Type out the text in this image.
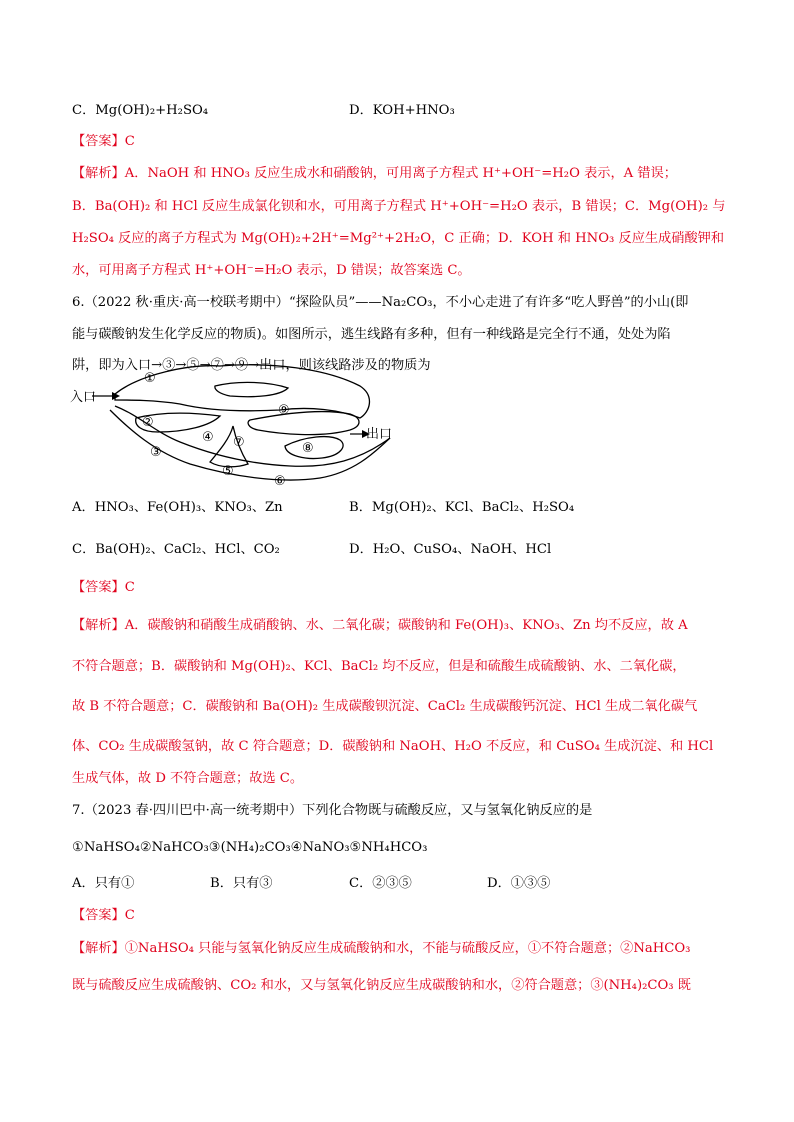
C．Mg(OH)₂+H₂SO₄	D．KOH+HNO₃
【答案】C
【解析】A．NaOH 和 HNO₃ 反应生成水和硝酸钠，可用离子方程式 H⁺+OH⁻=H₂O 表示，A 错误；
B．Ba(OH)₂ 和 HCl 反应生成氯化钡和水，可用离子方程式 H⁺+OH⁻=H₂O 表示，B 错误；C．Mg(OH)₂ 与
H₂SO₄ 反应的离子方程式为 Mg(OH)₂+2H⁺=Mg²⁺+2H₂O，C 正确；D．KOH 和 HNO₃ 反应生成硝酸钾和
水，可用离子方程式 H⁺+OH⁻=H₂O 表示，D 错误；故答案选 C。
6.（2022 秋·重庆·高一校联考期中）“探险队员”——Na₂CO₃，不小心走进了有许多“吃人野兽”的小山(即
能与碳酸钠发生化学反应的物质)。如图所示，逃生线路有多种，但有一种线路是完全行不通，处处为陷
阱，即为入口→③→⑤→⑦→⑨→出口，则该线路涉及的物质为
入口
出口
①
②
③
④
⑤
⑥
⑦	⑧
⑨
A．HNO₃、Fe(OH)₃、KNO₃、Zn	B．Mg(OH)₂、KCl、BaCl₂、H₂SO₄
C．Ba(OH)₂、CaCl₂、HCl、CO₂	D．H₂O、CuSO₄、NaOH、HCl
【答案】C
【解析】A．碳酸钠和硝酸生成硝酸钠、水、二氧化碳；碳酸钠和 Fe(OH)₃、KNO₃、Zn 均不反应，故 A
不符合题意；B．碳酸钠和 Mg(OH)₂、KCl、BaCl₂ 均不反应，但是和硫酸生成硫酸钠、水、二氧化碳，
故 B 不符合题意；C．碳酸钠和 Ba(OH)₂ 生成碳酸钡沉淀、CaCl₂ 生成碳酸钙沉淀、HCl 生成二氧化碳气
体、CO₂ 生成碳酸氢钠，故 C 符合题意；D．碳酸钠和 NaOH、H₂O 不反应，和 CuSO₄ 生成沉淀、和 HCl
生成气体，故 D 不符合题意；故选 C。
7.（2023 春·四川巴中·高一统考期中）下列化合物既与硫酸反应，又与氢氧化钠反应的是
①NaHSO₄②NaHCO₃③(NH₄)₂CO₃④NaNO₃⑤NH₄HCO₃
A．只有①	B．只有③	C．②③⑤	D．①③⑤
【答案】C
【解析】①NaHSO₄ 只能与氢氧化钠反应生成硫酸钠和水，不能与硫酸反应，①不符合题意；②NaHCO₃
既与硫酸反应生成硫酸钠、CO₂ 和水，又与氢氧化钠反应生成碳酸钠和水，②符合题意；③(NH₄)₂CO₃ 既
